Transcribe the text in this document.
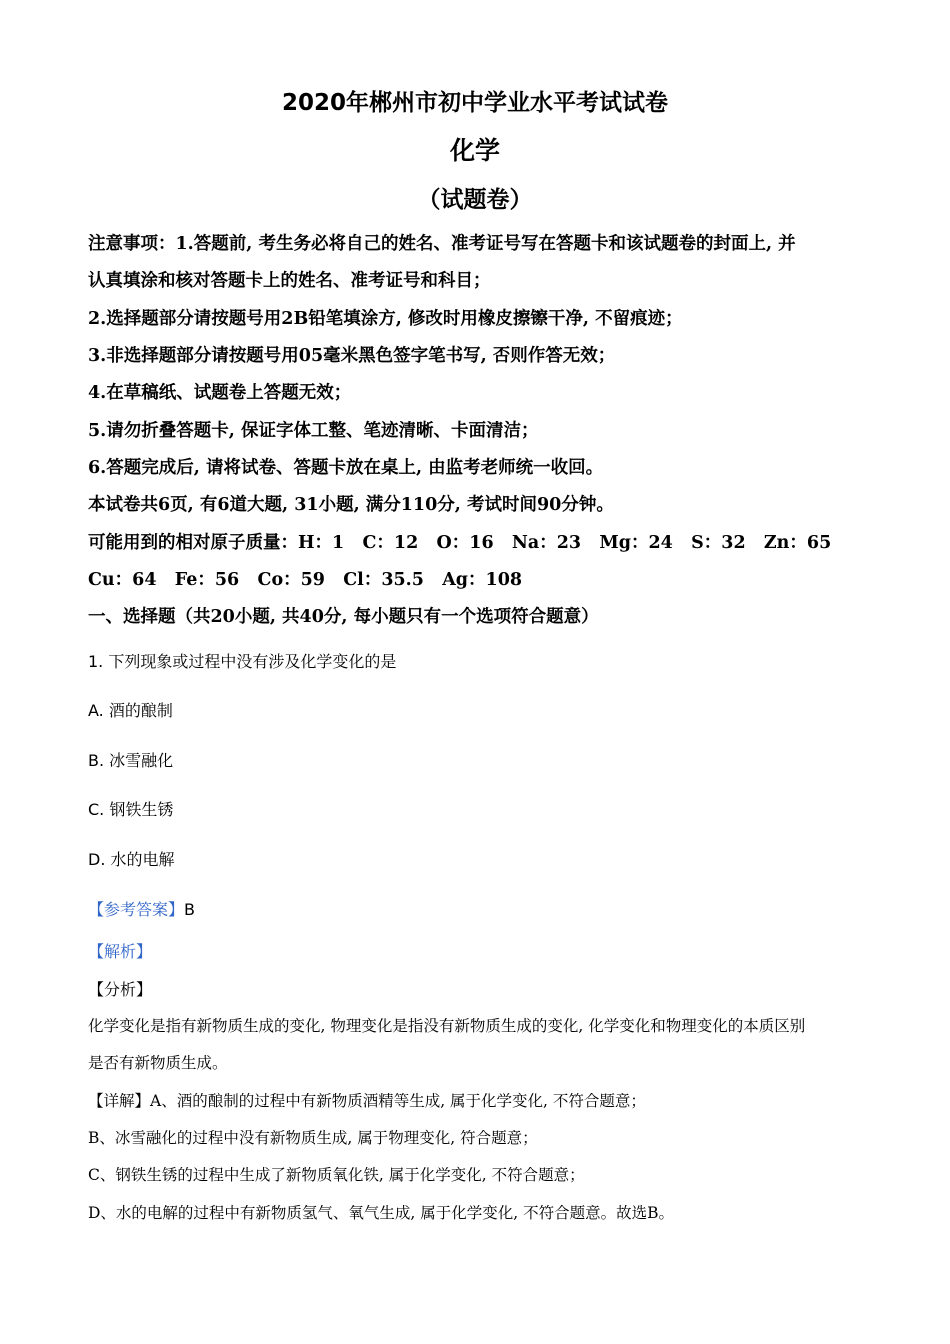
2020年郴州市初中学业水平考试试卷
化学
（试题卷）
注意事项：1.答题前, 考生务必将自己的姓名、准考证号写在答题卡和该试题卷的封面上, 并
认真填涂和核对答题卡上的姓名、准考证号和科目；
2.选择题部分请按题号用2B铅笔填涂方, 修改时用橡皮擦镲干净, 不留痕迹；
3.非选择题部分请按题号用05毫米黑色签字笔书写, 否则作答无效；
4.在草稿纸、试题卷上答题无效；
5.请勿折叠答题卡, 保证字体工整、笔迹清晰、卡面清洁；
6.答题完成后, 请将试卷、答题卡放在桌上, 由监考老师统一收回。
本试卷共6页, 有6道大题, 31小题, 满分110分, 考试时间90分钟。
可能用到的相对原子质量：H：1   C：12   O：16   Na：23   Mg：24   S：32   Zn：65
Cu：64   Fe：56   Co：59   Cl：35.5   Ag：108
一、选择题（共20小题, 共40分, 每小题只有一个选项符合题意）
1. 下列现象或过程中没有涉及化学变化的是
A. 酒的酿制
B. 冰雪融化
C. 钢铁生锈
D. 水的电解
【参考答案】B
【解析】
【分析】
化学变化是指有新物质生成的变化, 物理变化是指没有新物质生成的变化, 化学变化和物理变化的本质区别
是否有新物质生成。
【详解】A、酒的酿制的过程中有新物质酒精等生成, 属于化学变化, 不符合题意；
B、冰雪融化的过程中没有新物质生成, 属于物理变化, 符合题意；
C、钢铁生锈的过程中生成了新物质氧化铁, 属于化学变化, 不符合题意；
D、水的电解的过程中有新物质氢气、氧气生成, 属于化学变化, 不符合题意。故选B。
